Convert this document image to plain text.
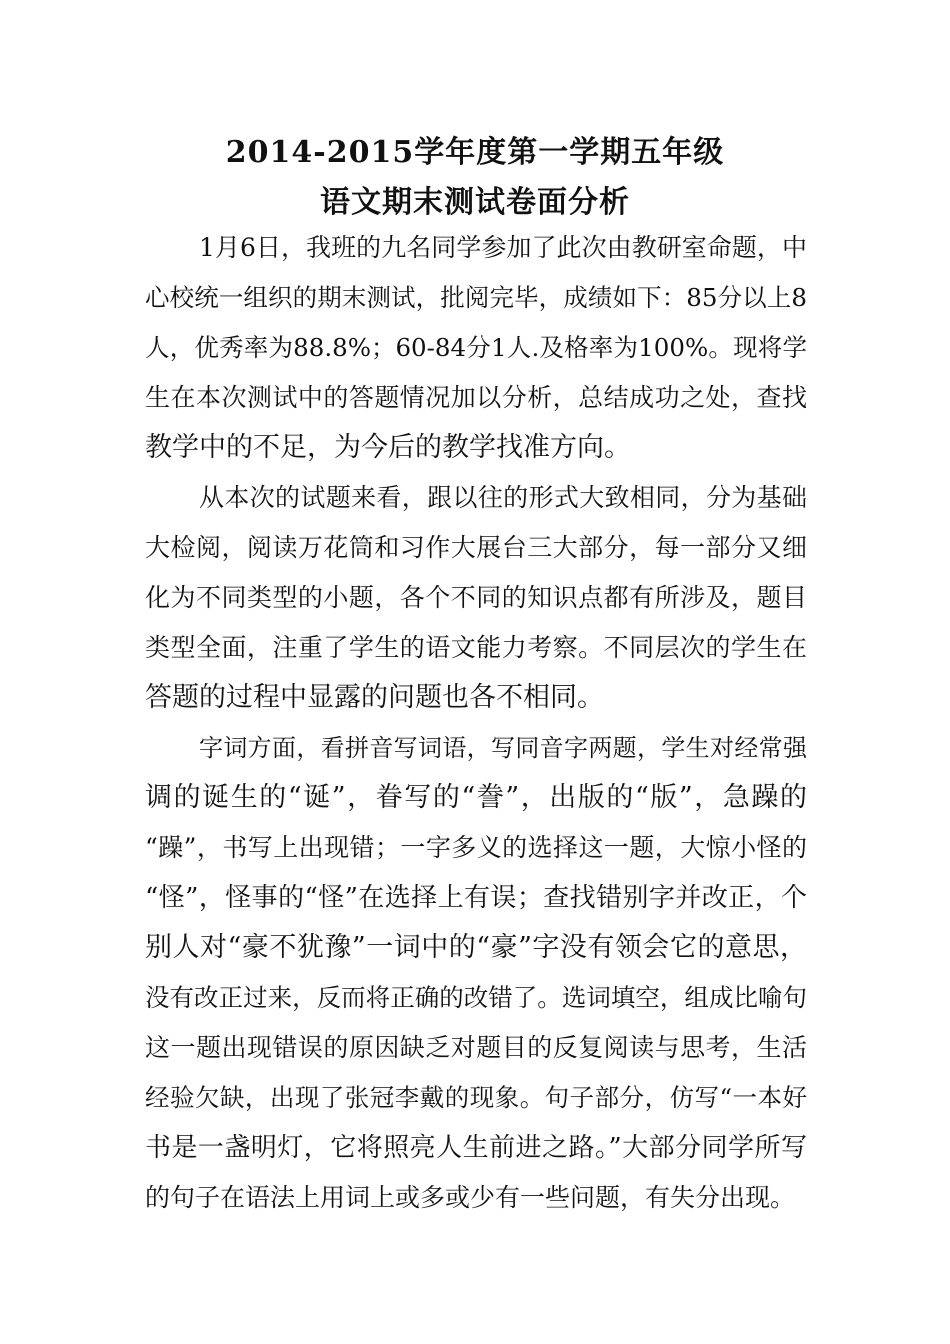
2014-2015学年度第一学期五年级
语文期末测试卷面分析
1月6日，我班的九名同学参加了此次由教研室命题，中
心校统一组织的期末测试，批阅完毕，成绩如下：85分以上8
人，优秀率为88.8%；60-84分1人.及格率为100%。现将学
生在本次测试中的答题情况加以分析，总结成功之处，查找
教学中的不足，为今后的教学找准方向。
从本次的试题来看，跟以往的形式大致相同，分为基础
大检阅，阅读万花筒和习作大展台三大部分，每一部分又细
化为不同类型的小题，各个不同的知识点都有所涉及，题目
类型全面，注重了学生的语文能力考察。不同层次的学生在
答题的过程中显露的问题也各不相同。
字词方面，看拼音写词语，写同音字两题，学生对经常强
调的诞生的“诞”，眷写的“誊”，出版的“版”，急躁的
“躁”，书写上出现错；一字多义的选择这一题，大惊小怪的
“怪”，怪事的“怪”在选择上有误；查找错别字并改正，个
别人对“豪不犹豫”一词中的“豪”字没有领会它的意思，
没有改正过来，反而将正确的改错了。选词填空，组成比喻句
这一题出现错误的原因缺乏对题目的反复阅读与思考，生活
经验欠缺，出现了张冠李戴的现象。句子部分，仿写“一本好
书是一盏明灯，它将照亮人生前进之路。”大部分同学所写
的句子在语法上用词上或多或少有一些问题，有失分出现。
